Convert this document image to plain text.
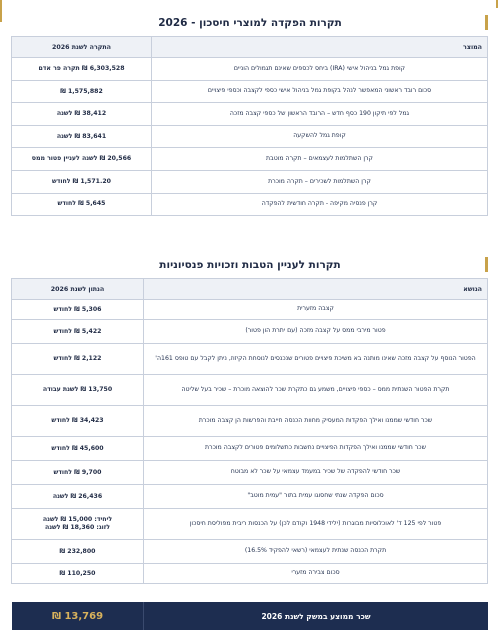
תקרות הפקדה למוצרי חיסכון - 2026
המוצר	התקרה לשנת 2026
קופת גמל בניהול אישי (IRA) ביחס לכספים שאינם תגמולים הוניים	6,303,528 ₪ תקרה פר אדם
סכום רובד ראשוני המאפשר לנהל בקופת גמל בניהול אישי כספי לקצבה וכספי פיצויים	1,575,882 ₪
גמל לפי תיקון 190 כסף חדש – הרובד הראשון של כספי קצבה מזכה	38,412 ₪ לשנה
קופת גמל להשקעה	83,641 ₪ לשנה
קרן השתלמות לעצמאים – תקרה מוטבת	20,566 ₪ לשנה לעניין פטור ממס
קרן השתלמות לשכירים – תקרה מוכרת	1,571.20 ₪ לחודש
קרן פנסיה מקיפה - תקרה חודשית להפקדה	5,645 ₪ לחודש
תקרות לעניין הטבות וזכויות פנסיוניות
הנושא	הנתון לשנת 2026
קצבה מזערית	5,306 ₪ לחודש
פטור מירבי ממס על קצבה מזכה (עם יתרת הון פטור)	5,422 ₪ לחודש
הפטור הנוסף על קצבה מזכה שאינו מותנה בא משיכת פיצויים פטורים שנכנסים לנוסחת הקיזוז, ניתן לקבל עם טופס 161ה'	2,122 ₪ לחודש
תקרת הפטור השנתית ממס – כספי פיצויים, משמע גם כתקרת שכר להוצאה מוכרת – שכיר בעל שליטה	13,750 ₪ לשנת עבודה
שכר חודשי שממנו ואילך הפקדות המעסיק מחוות הכנסה חייבת והפרשות הן קצבה מוכרת	34,423 ₪ לחודש
שכר חודשי שממנו ואילך הפקדות הפיצויים נחשבות כתשלומים פטורים לקצבה מוכרת	45,600 ₪ לחודש
שכר חודשי להפקדה של שכיר במעמד עצמאי על שכר לא מבוטח	9,700 ₪ לחודש
סכום הפקדה שנתי שחסוגו עמית בתור "עמית מוטב"	26,436 ₪ לשנה
פטור לפי 125 ד' לאוכלוסיות מבוגרות (ילידי 1948 וקודם לכן) על הכנסות ריבית מפוליסת חיסכון	ליחיד: 15,000 ₪ לשנה
לזוג: 18,360 ₪ לשנה
תקרת הכנסה שנתית לעצמאי (רשאי להפקיד 16.5%)	232,800 ₪
סכום צבירה מזערי	110,250 ₪
שכר ממוצע במשק לשנת 2026
13,769 ₪
